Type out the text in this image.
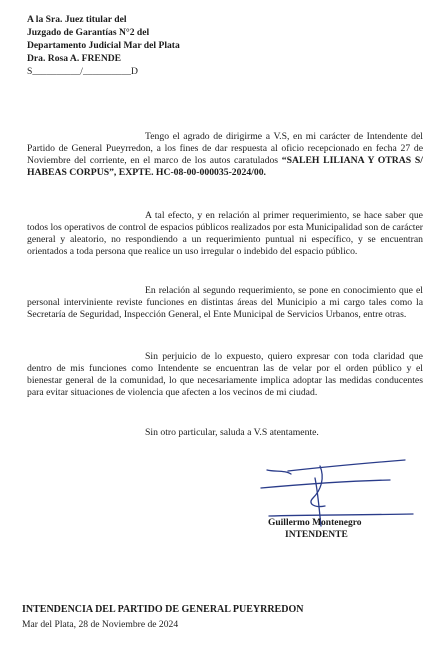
A la Sra. Juez titular del
Juzgado de Garantías N°2 del
Departamento Judicial Mar del Plata
Dra. Rosa A. FRENDE
S__________/__________D

Tengo el agrado de dirigirme a V.S, en mi carácter de Intendente del Partido de General Pueyrredon, a los fines de dar respuesta al oficio recepcionado en fecha 27 de Noviembre del corriente, en el marco de los autos caratulados “SALEH LILIANA Y OTRAS S/ HABEAS CORPUS”, EXPTE. HC-08-00-000035-2024/00.

A tal efecto, y en relación al primer requerimiento, se hace saber que todos los operativos de control de espacios públicos realizados por esta Municipalidad son de carácter general y aleatorio, no respondiendo a un requerimiento puntual ni específico, y se encuentran orientados a toda persona que realice un uso irregular o indebido del espacio público.

En relación al segundo requerimiento, se pone en conocimiento que el personal interviniente reviste funciones en distintas áreas del Municipio a mi cargo tales como la Secretaría de Seguridad, Inspección General, el Ente Municipal de Servicios Urbanos, entre otras.

Sin perjuicio de lo expuesto, quiero expresar con toda claridad que dentro de mis funciones como Intendente se encuentran las de velar por el orden público y el bienestar general de la comunidad, lo que necesariamente implica adoptar las medidas conducentes para evitar situaciones de violencia que afecten a los vecinos de mi ciudad.

Sin otro particular, saluda a V.S atentamente.

Guillermo Montenegro
INTENDENTE
INTENDENCIA DEL PARTIDO DE GENERAL PUEYRREDON
Mar del Plata, 28 de Noviembre de 2024
